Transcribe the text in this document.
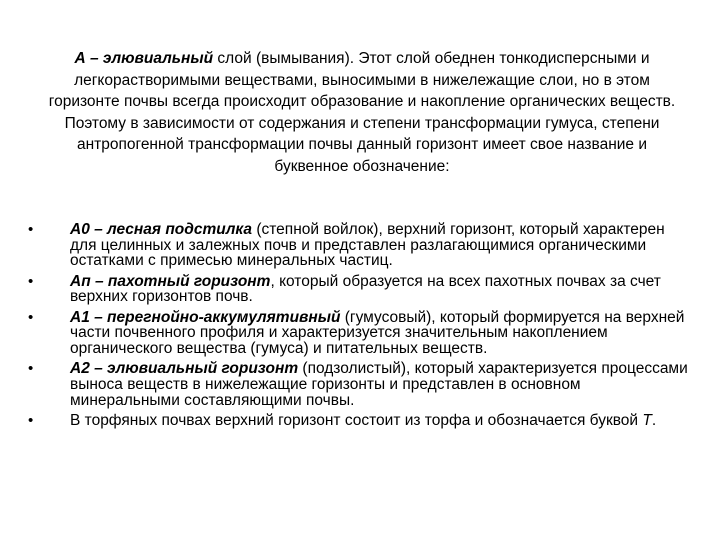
А – элювиальный слой (вымывания). Этот слой обеднен тонкодисперсными и легкорастворимыми веществами, выносимыми в нижележащие слои, но в этом горизонте почвы всегда происходит образование и накопление органических веществ. Поэтому в зависимости от содержания и степени трансформации гумуса, степени антропогенной трансформации почвы данный горизонт имеет свое название и буквенное обозначение:

• А0 – лесная подстилка (степной войлок), верхний горизонт, который характерен для целинных и залежных почв и представлен разлагающимися органическими остатками с примесью минеральных частиц.
• Ап – пахотный горизонт, который образуется на всех пахотных почвах за счет верхних горизонтов почв.
• А1 – перегнойно-аккумулятивный (гумусовый), который формируется на верхней части почвенного профиля и характеризуется значительным накоплением органического вещества (гумуса) и питательных веществ.
• А2 – элювиальный горизонт (подзолистый), который характеризуется процессами выноса веществ в нижележащие горизонты и представлен в основном минеральными составляющими почвы.
• В торфяных почвах верхний горизонт состоит из торфа и обозначается буквой Т.
